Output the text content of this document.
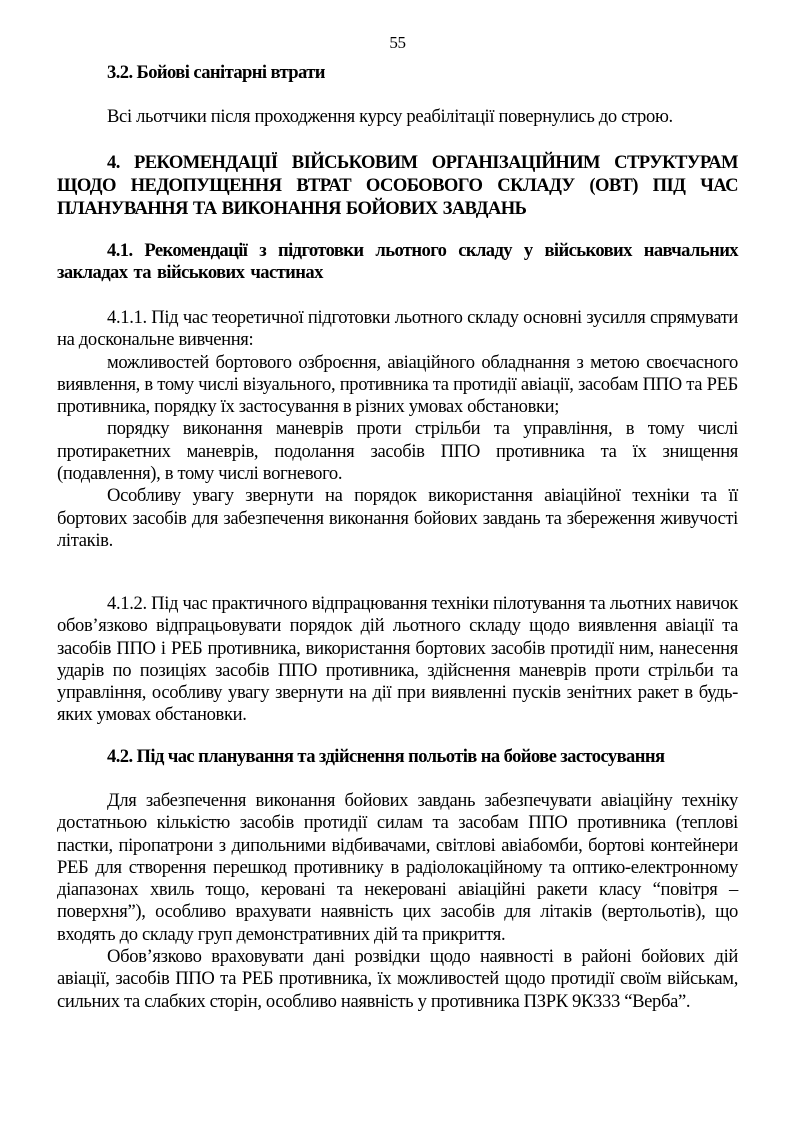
55

3.2. Бойові санітарні втрати

Всі льотчики після проходження курсу реабілітації повернулись до строю.

4. РЕКОМЕНДАЦІЇ ВІЙСЬКОВИМ ОРГАНІЗАЦІЙНИМ СТРУКТУРАМ ЩОДО НЕДОПУЩЕННЯ ВТРАТ ОСОБОВОГО СКЛАДУ (ОВТ) ПІД ЧАС ПЛАНУВАННЯ ТА ВИКОНАННЯ БОЙОВИХ ЗАВДАНЬ

4.1. Рекомендації з підготовки льотного складу у військових навчальних закладах та військових частинах

4.1.1. Під час теоретичної підготовки льотного складу основні зусилля спрямувати на доскональне вивчення:

можливостей бортового озброєння, авіаційного обладнання з метою своєчасного виявлення, в тому числі візуального, противника та протидії авіації, засобам ППО та РЕБ противника, порядку їх застосування в різних умовах обстановки;

порядку виконання маневрів проти стрільби та управління, в тому числі протиракетних маневрів, подолання засобів ППО противника та їх знищення (подавлення), в тому числі вогневого.

Особливу увагу звернути на порядок використання авіаційної техніки та її бортових засобів для забезпечення виконання бойових завдань та збереження живучості літаків.

4.1.2. Під час практичного відпрацювання техніки пілотування та льотних навичок обов’язково відпрацьовувати порядок дій льотного складу щодо виявлення авіації та засобів ППО і РЕБ противника, використання бортових засобів протидії ним, нанесення ударів по позиціях засобів ППО противника, здійснення маневрів проти стрільби та управління, особливу увагу звернути на дії при виявленні пусків зенітних ракет в будь-яких умовах обстановки.

4.2. Під час планування та здійснення польотів на бойове застосування

Для забезпечення виконання бойових завдань забезпечувати авіаційну техніку достатньою кількістю засобів протидії силам та засобам ППО противника (теплові пастки, піропатрони з дипольними відбивачами, світлові авіабомби, бортові контейнери РЕБ для створення перешкод противнику в радіолокаційному та оптико-електронному діапазонах хвиль тощо, керовані та некеровані авіаційні ракети класу “повітря – поверхня”), особливо врахувати наявність цих засобів для літаків (вертольотів), що входять до складу груп демонстративних дій та прикриття.

Обов’язково враховувати дані розвідки щодо наявності в районі бойових дій авіації, засобів ППО та РЕБ противника, їх можливостей щодо протидії своїм військам, сильних та слабких сторін, особливо наявність у противника ПЗРК 9К333 “Верба”.
